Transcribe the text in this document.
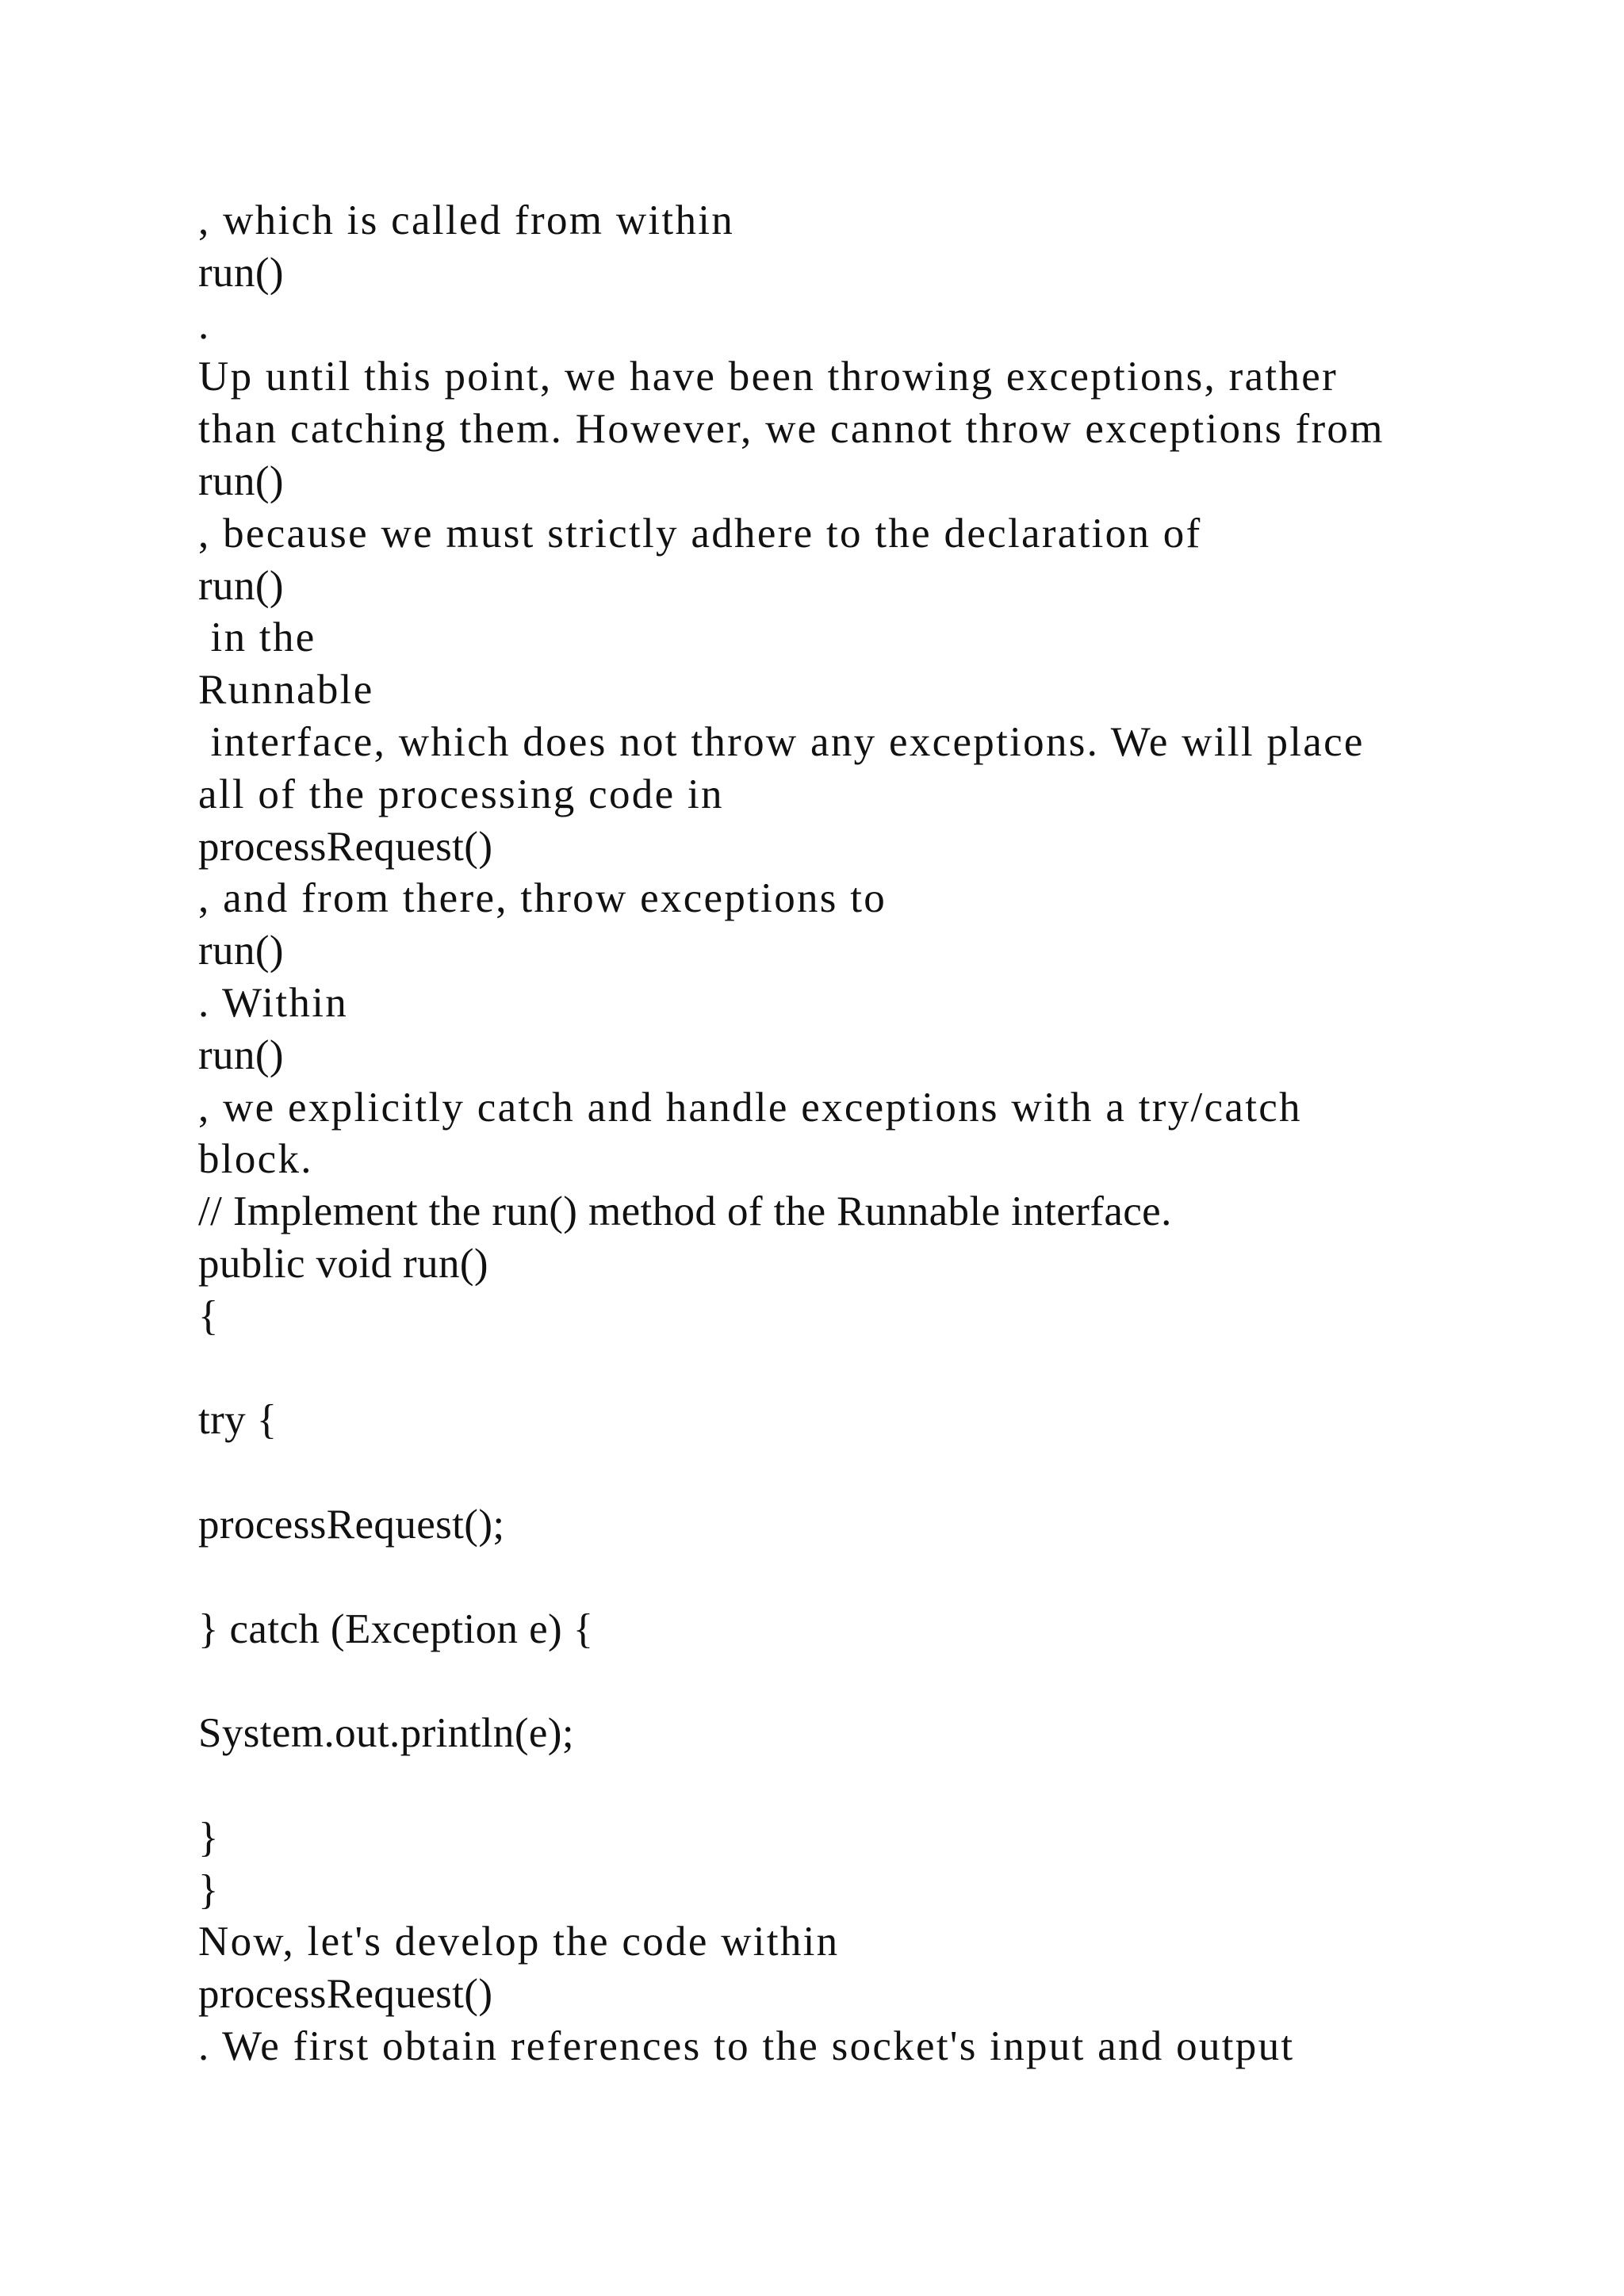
, which is called from within
run()
.
Up until this point, we have been throwing exceptions, rather
than catching them. However, we cannot throw exceptions from
run()
, because we must strictly adhere to the declaration of
run()
in the
Runnable
interface, which does not throw any exceptions. We will place
all of the processing code in
processRequest()
, and from there, throw exceptions to
run()
. Within
run()
, we explicitly catch and handle exceptions with a try/catch
block.
// Implement the run() method of the Runnable interface.
public void run()
{
try {
processRequest();
} catch (Exception e) {
System.out.println(e);
}
}
Now, let's develop the code within
processRequest()
. We first obtain references to the socket's input and output
